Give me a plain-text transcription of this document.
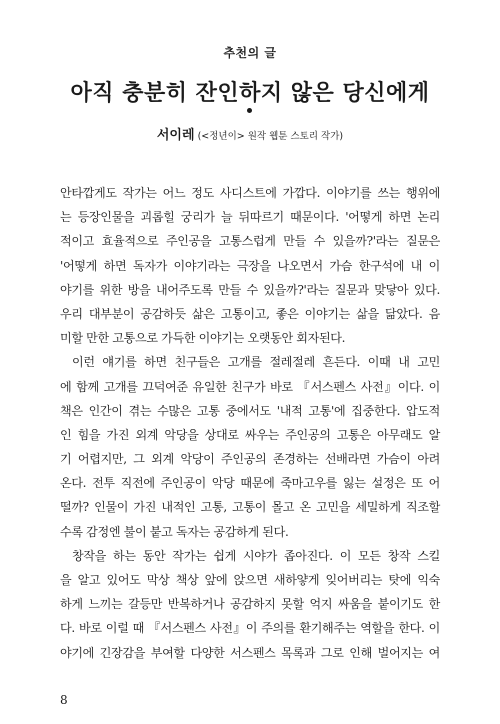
추천의 글
아직 충분히 잔인하지 않은 당신에게
서이레 (<정년이> 원작 웹툰 스토리 작가)
안타깝게도 작가는 어느 정도 사디스트에 가깝다. 이야기를 쓰는 행위에
는 등장인물을 괴롭힐 궁리가 늘 뒤따르기 때문이다. '어떻게 하면 논리
적이고 효율적으로 주인공을 고통스럽게 만들 수 있을까?'라는 질문은
'어떻게 하면 독자가 이야기라는 극장을 나오면서 가슴 한구석에 내 이
야기를 위한 방을 내어주도록 만들 수 있을까?'라는 질문과 맞닿아 있다.
우리 대부분이 공감하듯 삶은 고통이고, 좋은 이야기는 삶을 닮았다. 음
미할 만한 고통으로 가득한 이야기는 오랫동안 회자된다.
이런 얘기를 하면 친구들은 고개를 절레절레 흔든다. 이때 내 고민
에 함께 고개를 끄덕여준 유일한 친구가 바로 『서스펜스 사전』이다. 이
책은 인간이 겪는 수많은 고통 중에서도 '내적 고통'에 집중한다. 압도적
인 힘을 가진 외계 악당을 상대로 싸우는 주인공의 고통은 아무래도 알
기 어렵지만, 그 외계 악당이 주인공의 존경하는 선배라면 가슴이 아려
온다. 전투 직전에 주인공이 악당 때문에 죽마고우를 잃는 설정은 또 어
떨까? 인물이 가진 내적인 고통, 고통이 몰고 온 고민을 세밀하게 직조할
수록 감정엔 불이 붙고 독자는 공감하게 된다.
창작을 하는 동안 작가는 쉽게 시야가 좁아진다. 이 모든 창작 스킬
을 알고 있어도 막상 책상 앞에 앉으면 새하얗게 잊어버리는 탓에 익숙
하게 느끼는 갈등만 반복하거나 공감하지 못할 억지 싸움을 붙이기도 한
다. 바로 이럴 때 『서스펜스 사전』이 주의를 환기해주는 역할을 한다. 이
야기에 긴장감을 부여할 다양한 서스펜스 목록과 그로 인해 벌어지는 여
8
